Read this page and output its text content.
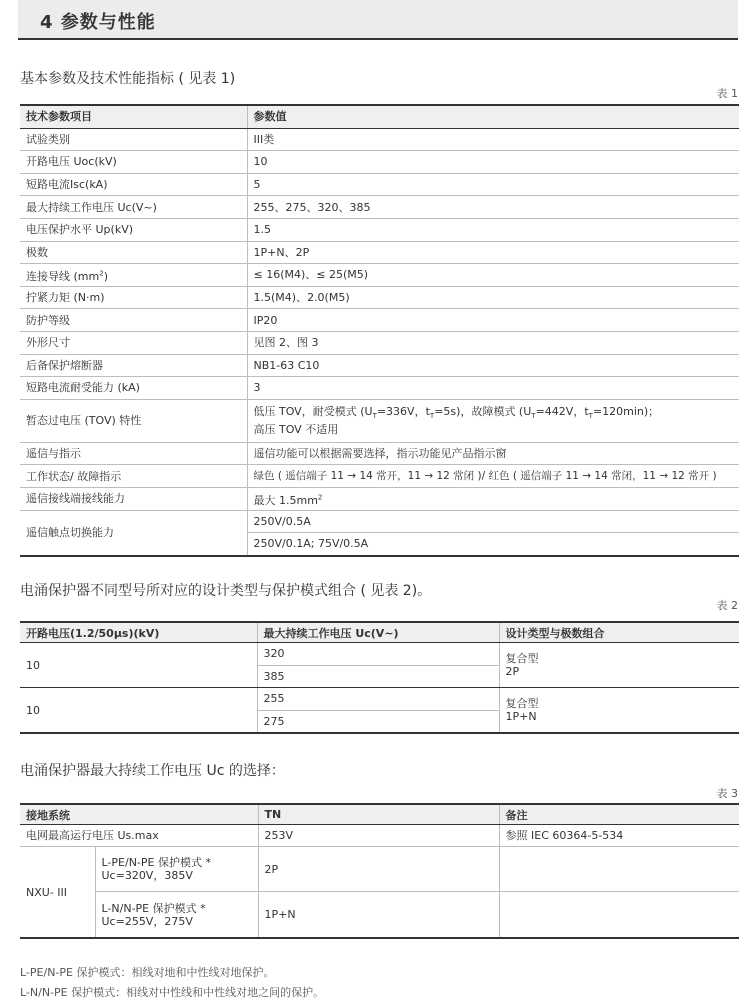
4 参数与性能
基本参数及技术性能指标 ( 见表 1)
表 1
技术参数项目	参数值
试验类别	III类
开路电压 Uoc(kV)	10
短路电流Isc(kA)	5
最大持续工作电压 Uc(V~)	255、275、320、385
电压保护水平 Up(kV)	1.5
极数	1P+N、2P
连接导线 $(mm^2)$	≤ 16(M4)、≤ 25(M5)
拧紧力矩 (N·m)	1.5(M4)、2.0(M5)
防护等级	IP20
外形尺寸	见图 2、图 3
后备保护熔断器	NB1-63 C10
短路电流耐受能力 (kA)	3
暂态过电压 (TOV) 特性	低压 TOV，耐受模式 ($U_T=336V$，$t_T=5s$)，故障模式 ($U_T=442V$，$t_T=120\min$)；
高压 TOV 不适用

遥信与指示	遥信功能可以根据需要选择，指示功能见产品指示窗
工作状态/ 故障指示	绿色 ( 遥信端子 11 → 14 常开，11 → 12 常闭 )/ 红色 ( 遥信端子 11 → 14 常闭，11 → 12 常开 )
遥信接线端接线能力	最大 $1.5mm^2$
遥信触点切换能力	250V/0.5A
	250V/0.1A; 75V/0.5A
电涌保护器不同型号所对应的设计类型与保护模式组合 ( 见表 2)。
表 2
开路电压(1.2/50μs)(kV)	最大持续工作电压 Uc(V~)	设计类型与极数组合
10	320	复合型
2P

	385	
10	255	复合型
1P+N

	275	
电涌保护器最大持续工作电压 Uc 的选择：
表 3
接地系统		TN	备注
电网最高运行电压 Us.max		253V	参照 IEC 60364-5-534
NXU- III	L-PE/N-PE 保护模式 *
Uc=320V，385V	2P	

	L-N/N-PE 保护模式 *
Uc=255V，275V	1P+N	
L-PE/N-PE 保护模式：相线对地和中性线对地保护。
L-N/N-PE 保护模式：相线对中性线和中性线对地之间的保护。
